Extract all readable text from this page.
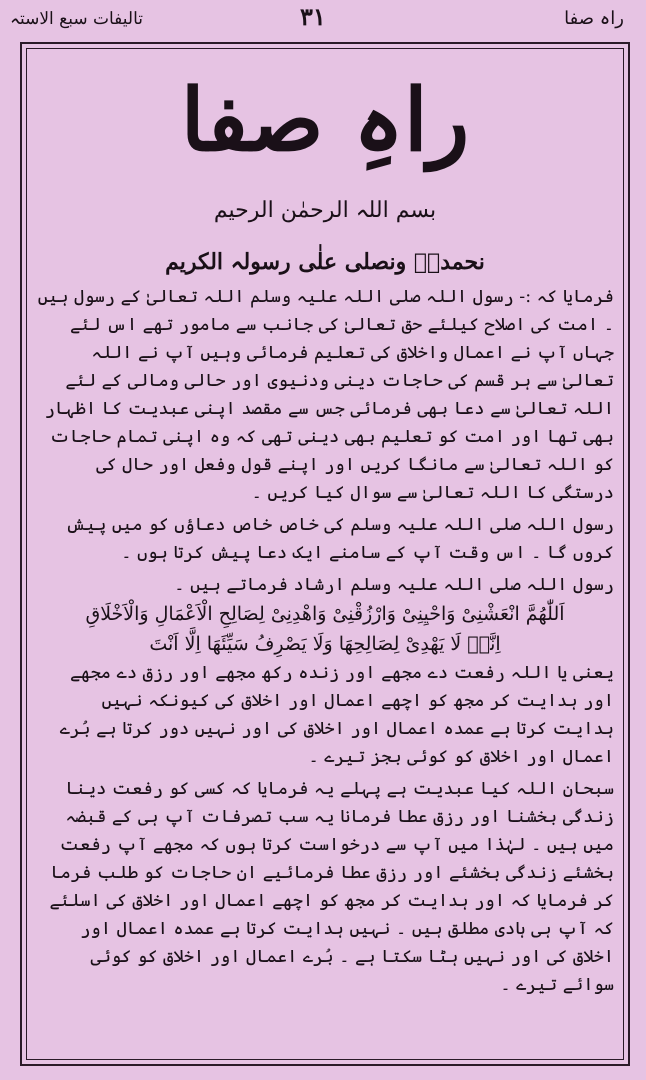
راہ صفا
٣١
تالیفات سبع الاستہ
راہِ صفا
بسم اللہ الرحمٰن الرحیم
نحمدہٗ ونصلی علٰی رسولہ الکریم

فرمایا کہ :- رسول اللہ صلی اللہ علیہ وسلم اللہ تعالیٰ کے رسول ہیں ۔ امت کی اصلاح کیلئے حق تعالیٰ کی جانب سے مامور تھے اس لئے جہاں آپ نے اعمال واخلاق کی تعلیم فرمائی وہیں آپ نے اللہ تعالیٰ سے ہر قسم کی حاجات دینی ودنیوی اور حالی ومالی کے لئے اللہ تعالیٰ سے دعا بھی فرمائی جس سے مقصد اپنی عبدیت کا اظہار بھی تھا اور امت کو تعلیم بھی دینی تھی کہ وہ اپنی تمام حاجات کو اللہ تعالیٰ سے مانگا کریں اور اپنے قول وفعل اور حال کی درستگی کا اللہ تعالیٰ سے سوال کیا کریں ۔

رسول اللہ صلی اللہ علیہ وسلم کی خاص خاص دعاؤں کو میں پیش کروں گا ۔ اس وقت آپ کے سامنے ایک دعا پیش کرتا ہوں ۔

رسول اللہ صلی اللہ علیہ وسلم ارشاد فرماتے ہیں ۔

اَللّٰھُمَّ انْعَشْنِیْ وَاحْیِنِیْ وَارْزُقْنِیْ وَاھْدِنِیْ لِصَالِحِ الْاَعْمَالِ وَالْاَخْلَاقِ

اِنَّہٗ لَا یَھْدِیْ لِصَالِحِھَا وَلَا یَصْرِفُ سَیِّئَھَا اِلَّا اَنْتَ

یعنی یا اللہ رفعت دے مجھے اور زندہ رکھ مجھے اور رزق دے مجھے اور ہدایت کر مجھ کو اچھے اعمال اور اخلاق کی کیونکہ نہیں ہدایت کرتا ہے عمدہ اعمال اور اخلاق کی اور نہیں دور کرتا ہے بُرے اعمال اور اخلاق کو کوئی بجز تیرے ۔

سبحان اللہ کیا عبدیت ہے پہلے یہ فرمایا کہ کسی کو رفعت دینا زندگی بخشنا اور رزق عطا فرمانا یہ سب تصرفات آپ ہی کے قبضہ میں ہیں ۔ لہٰذا میں آپ سے درخواست کرتا ہوں کہ مجھے آپ رفعت بخشئے زندگی بخشئے اور رزق عطا فرمائیے ان حاجات کو طلب فرما کر فرمایا کہ اور ہدایت کر مجھ کو اچھے اعمال اور اخلاق کی اسلئے کہ آپ ہی ہادی مطلق ہیں ۔ نہیں ہدایت کرتا ہے عمدہ اعمال اور اخلاق کی اور نہیں ہٹا سکتا ہے ۔ بُرے اعمال اور اخلاق کو کوئی سوائے تیرے ۔
